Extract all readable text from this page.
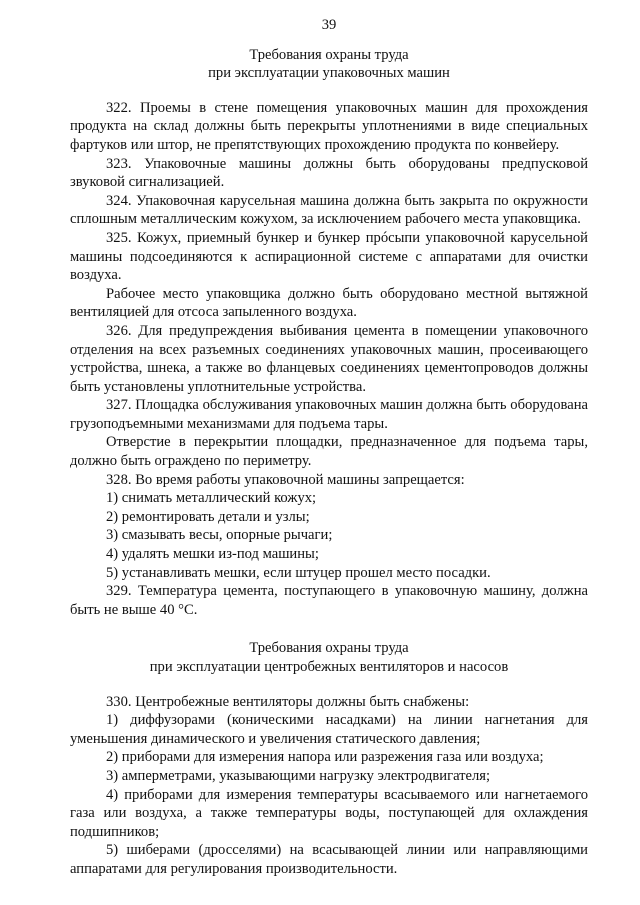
39
Требования охраны труда
при эксплуатации упаковочных машин

322. Проемы в стене помещения упаковочных машин для прохождения продукта на склад должны быть перекрыты уплотнениями в виде специальных фартуков или штор, не препятствующих прохождению продукта по конвейеру.

323. Упаковочные машины должны быть оборудованы предпусковой звуковой сигнализацией.

324. Упаковочная карусельная машина должна быть закрыта по окружности сплошным металлическим кожухом, за исключением рабочего места упаковщика.

325. Кожух, приемный бункер и бункер прóсыпи упаковочной карусельной машины подсоединяются к аспирационной системе с аппаратами для очистки воздуха.

Рабочее место упаковщика должно быть оборудовано местной вытяжной вентиляцией для отсоса запыленного воздуха.

326. Для предупреждения выбивания цемента в помещении упаковочного отделения на всех разъемных соединениях упаковочных машин, просеивающего устройства, шнека, а также во фланцевых соединениях цементопроводов должны быть установлены уплотнительные устройства.

327. Площадка обслуживания упаковочных машин должна быть оборудована грузоподъемными механизмами для подъема тары.

Отверстие в перекрытии площадки, предназначенное для подъема тары, должно быть ограждено по периметру.

328. Во время работы упаковочной машины запрещается:

1) снимать металлический кожух;

2) ремонтировать детали и узлы;

3) смазывать весы, опорные рычаги;

4) удалять мешки из-под машины;

5) устанавливать мешки, если штуцер прошел место посадки.

329. Температура цемента, поступающего в упаковочную машину, должна быть не выше 40 °С.

Требования охраны труда
при эксплуатации центробежных вентиляторов и насосов

330. Центробежные вентиляторы должны быть снабжены:

1) диффузорами (коническими насадками) на линии нагнетания для уменьшения динамического и увеличения статического давления;

2) приборами для измерения напора или разрежения газа или воздуха;

3) амперметрами, указывающими нагрузку электродвигателя;

4) приборами для измерения температуры всасываемого или нагнетаемого газа или воздуха, а также температуры воды, поступающей для охлаждения подшипников;

5) шиберами (дросселями) на всасывающей линии или направляющими аппаратами для регулирования производительности.
